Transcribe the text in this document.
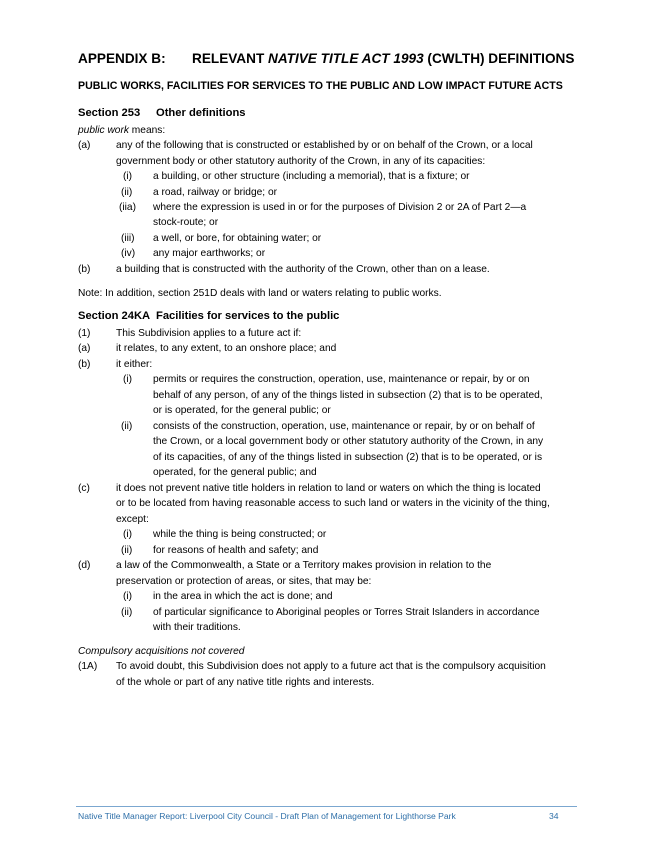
APPENDIX B: RELEVANT NATIVE TITLE ACT 1993 (CWLTH) DEFINITIONS
PUBLIC WORKS, FACILITIES FOR SERVICES TO THE PUBLIC AND LOW IMPACT FUTURE ACTS
Section 253 Other definitions
public work means:
(a)	any of the following that is constructed or established by or on behalf of the Crown, or a local
government body or other statutory authority of the Crown, in any of its capacities:
(i) a building, or other structure (including a memorial), that is a fixture; or
(ii) a road, railway or bridge; or
(iia) where the expression is used in or for the purposes of Division 2 or 2A of Part 2—a
stock-route; or
(iii) a well, or bore, for obtaining water; or
(iv) any major earthworks; or
(b)	a building that is constructed with the authority of the Crown, other than on a lease.
Note: In addition, section 251D deals with land or waters relating to public works.
Section 24KA Facilities for services to the public
(1)	This Subdivision applies to a future act if:
(a)	it relates, to any extent, to an onshore place; and
(b)	it either:
(i) permits or requires the construction, operation, use, maintenance or repair, by or on
behalf of any person, of any of the things listed in subsection (2) that is to be operated,
or is operated, for the general public; or
(ii) consists of the construction, operation, use, maintenance or repair, by or on behalf of
the Crown, or a local government body or other statutory authority of the Crown, in any
of its capacities, of any of the things listed in subsection (2) that is to be operated, or is
operated, for the general public; and
(c)	it does not prevent native title holders in relation to land or waters on which the thing is located
or to be located from having reasonable access to such land or waters in the vicinity of the thing,
except:
(i) while the thing is being constructed; or
(ii) for reasons of health and safety; and
(d)	a law of the Commonwealth, a State or a Territory makes provision in relation to the
preservation or protection of areas, or sites, that may be:
(i) in the area in which the act is done; and
(ii) of particular significance to Aboriginal peoples or Torres Strait Islanders in accordance
with their traditions.
Compulsory acquisitions not covered
(1A) To avoid doubt, this Subdivision does not apply to a future act that is the compulsory acquisition
of the whole or part of any native title rights and interests.
Native Title Manager Report: Liverpool City Council - Draft Plan of Management for Lighthorse Park	34
